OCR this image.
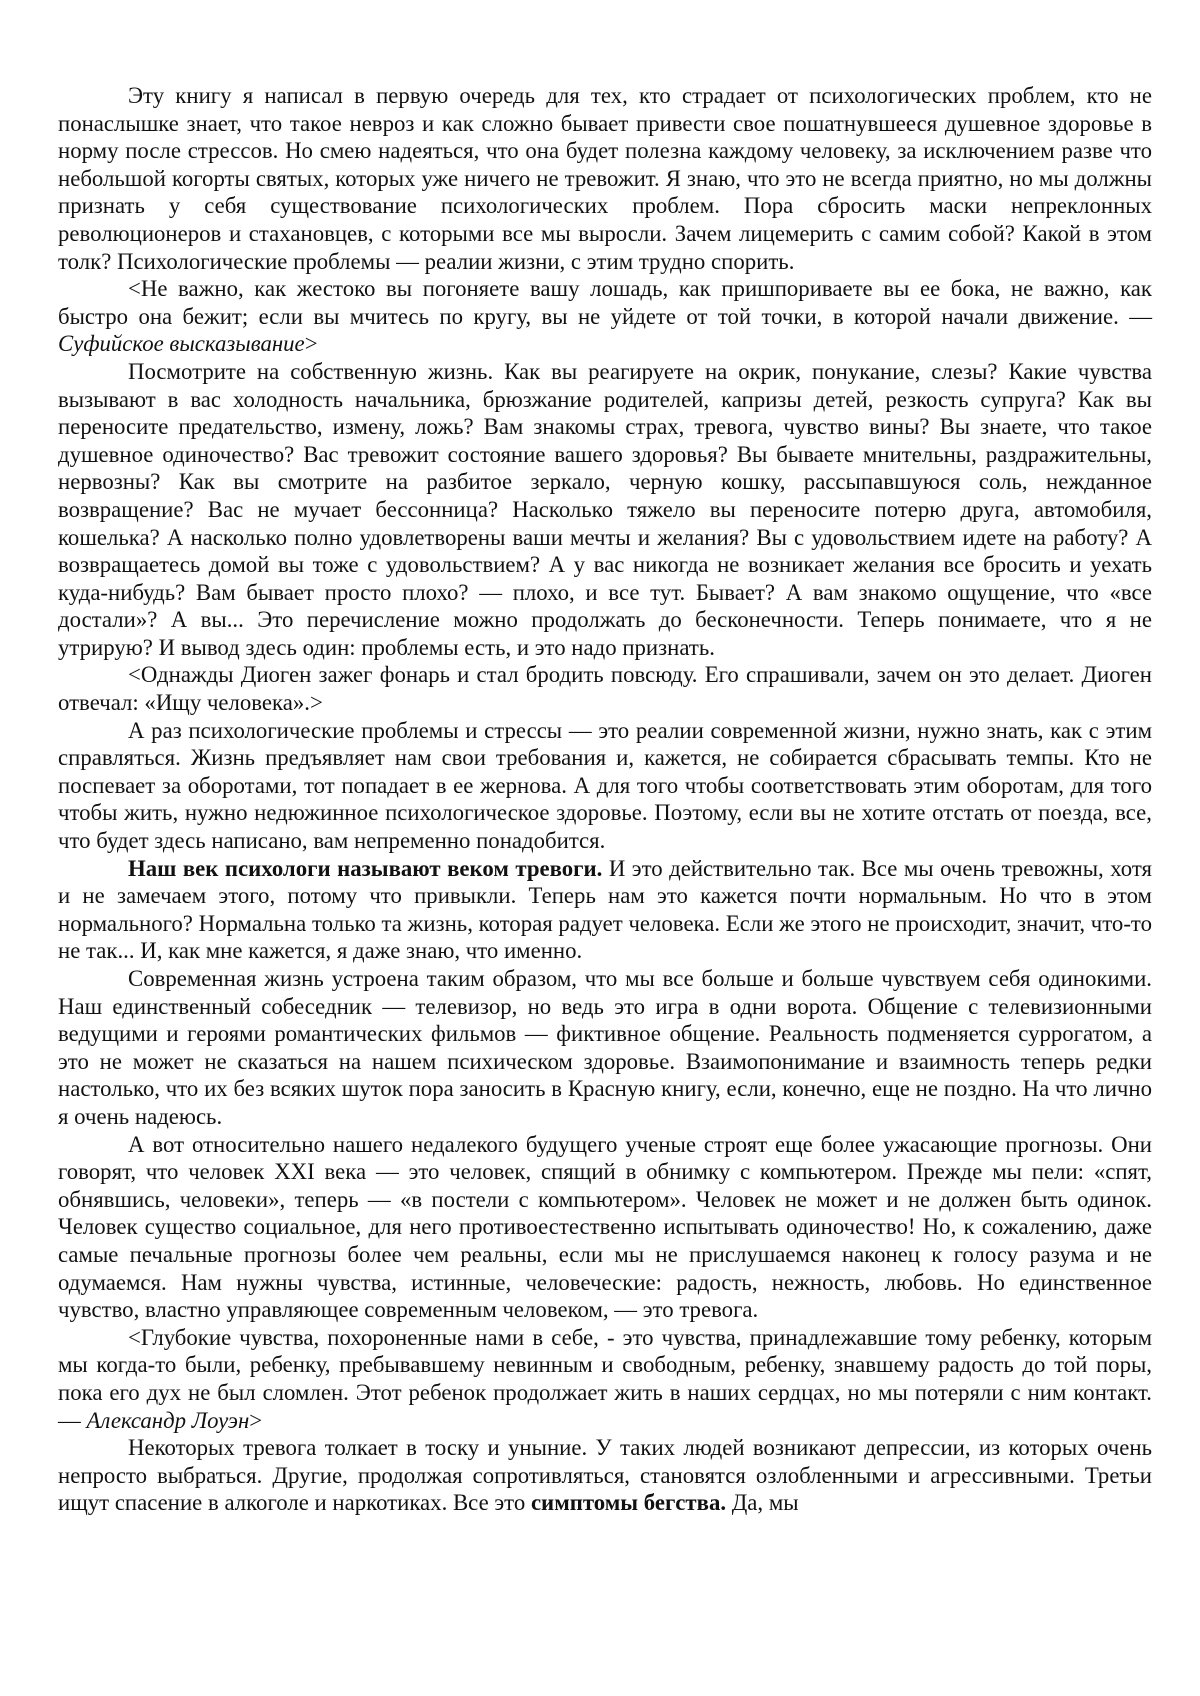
Эту книгу я написал в первую очередь для тех, кто страдает от психологических проблем, кто не понаслышке знает, что такое невроз и как сложно бывает привести свое пошатнувшееся душевное здоровье в норму после стрессов. Но смею надеяться, что она будет полезна каждому человеку, за исключением разве что небольшой когорты святых, которых уже ничего не тревожит. Я знаю, что это не всегда приятно, но мы должны признать у себя существование психологических проблем. Пора сбросить маски непреклонных революционеров и стахановцев, с которыми все мы выросли. Зачем лицемерить с самим собой? Какой в этом толк? Психологические проблемы — реалии жизни, с этим трудно спорить.

<Не важно, как жестоко вы погоняете вашу лошадь, как пришпориваете вы ее бока, не важно, как быстро она бежит; если вы мчитесь по кругу, вы не уйдете от той точки, в которой начали движение. — Суфийское высказывание>

Посмотрите на собственную жизнь. Как вы реагируете на окрик, понукание, слезы? Какие чувства вызывают в вас холодность начальника, брюзжание родителей, капризы детей, резкость супруга? Как вы переносите предательство, измену, ложь? Вам знакомы страх, тревога, чувство вины? Вы знаете, что такое душевное одиночество? Вас тревожит состояние вашего здоровья? Вы бываете мнительны, раздражительны, нервозны? Как вы смотрите на разбитое зеркало, черную кошку, рассыпавшуюся соль, нежданное возвращение? Вас не мучает бессонница? Насколько тяжело вы переносите потерю друга, автомобиля, кошелька? А насколько полно удовлетворены ваши мечты и желания? Вы с удовольствием идете на работу? А возвращаетесь домой вы тоже с удовольствием? А у вас никогда не возникает желания все бросить и уехать куда-нибудь? Вам бывает просто плохо? — плохо, и все тут. Бывает? А вам знакомо ощущение, что «все достали»? А вы... Это перечисление можно продолжать до бесконечности. Теперь понимаете, что я не утрирую? И вывод здесь один: проблемы есть, и это надо признать.

<Однажды Диоген зажег фонарь и стал бродить повсюду. Его спрашивали, зачем он это делает. Диоген отвечал: «Ищу человека».>

А раз психологические проблемы и стрессы — это реалии современной жизни, нужно знать, как с этим справляться. Жизнь предъявляет нам свои требования и, кажется, не собирается сбрасывать темпы. Кто не поспевает за оборотами, тот попадает в ее жернова. А для того чтобы соответствовать этим оборотам, для того чтобы жить, нужно недюжинное психологическое здоровье. Поэтому, если вы не хотите отстать от поезда, все, что будет здесь написано, вам непременно понадобится.

Наш век психологи называют веком тревоги. И это действительно так. Все мы очень тревожны, хотя и не замечаем этого, потому что привыкли. Теперь нам это кажется почти нормальным. Но что в этом нормального? Нормальна только та жизнь, которая радует человека. Если же этого не происходит, значит, что-то не так... И, как мне кажется, я даже знаю, что именно.

Современная жизнь устроена таким образом, что мы все больше и больше чувствуем себя одинокими. Наш единственный собеседник — телевизор, но ведь это игра в одни ворота. Общение с телевизионными ведущими и героями романтических фильмов — фиктивное общение. Реальность подменяется суррогатом, а это не может не сказаться на нашем психическом здоровье. Взаимопонимание и взаимность теперь редки настолько, что их без всяких шуток пора заносить в Красную книгу, если, конечно, еще не поздно. На что лично я очень надеюсь.

А вот относительно нашего недалекого будущего ученые строят еще более ужасающие прогнозы. Они говорят, что человек XXI века — это человек, спящий в обнимку с компьютером. Прежде мы пели: «спят, обнявшись, человеки», теперь — «в постели с компьютером». Человек не может и не должен быть одинок. Человек существо социальное, для него противоестественно испытывать одиночество! Но, к сожалению, даже самые печальные прогнозы более чем реальны, если мы не прислушаемся наконец к голосу разума и не одумаемся. Нам нужны чувства, истинные, человеческие: радость, нежность, любовь. Но единственное чувство, властно управляющее современным человеком, — это тревога.

<Глубокие чувства, похороненные нами в себе, - это чувства, принадлежавшие тому ребенку, которым мы когда-то были, ребенку, пребывавшему невинным и свободным, ребенку, знавшему радость до той поры, пока его дух не был сломлен. Этот ребенок продолжает жить в наших сердцах, но мы потеряли с ним контакт. — Александр Лоуэн>

Некоторых тревога толкает в тоску и уныние. У таких людей возникают депрессии, из которых очень непросто выбраться. Другие, продолжая сопротивляться, становятся озлобленными и агрессивными. Третьи ищут спасение в алкоголе и наркотиках. Все это симптомы бегства. Да, мы
